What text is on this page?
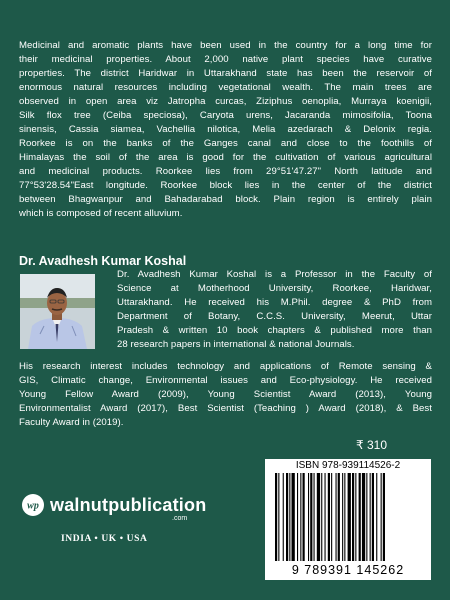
Medicinal and aromatic plants have been used in the country for a long time for
their medicinal properties. About 2,000 native plant species have curative
properties. The district Haridwar in Uttarakhand state has been the reservoir of
enormous natural resources including vegetational wealth. The main trees are
observed in open area viz Jatropha curcas, Ziziphus oenoplia, Murraya koenigii,
Silk flox tree (Ceiba speciosa), Caryota urens, Jacaranda mimosifolia, Toona
sinensis, Cassia siamea, Vachellia nilotica, Melia azedarach & Delonix regia.
Roorkee is on the banks of the Ganges canal and close to the foothills of
Himalayas the soil of the area is good for the cultivation of various agricultural
and medicinal products. Roorkee lies from 29°51'47.27" North latitude and
77°53'28.54"East longitude. Roorkee block lies in the center of the district
between Bhagwanpur and Bahadarabad block. Plain region is entirely plain
which is composed of recent alluvium.
Dr. Avadhesh Kumar Koshal
Dr. Avadhesh Kumar Koshal is a Professor in the Faculty of
Science at Motherhood University, Roorkee, Haridwar,
Uttarakhand. He received his M.Phil. degree & PhD from
Department of Botany, C.C.S. University, Meerut, Uttar
Pradesh & written 10 book chapters & published more than
28 research papers in international & national Journals.
His research interest includes technology and applications of Remote sensing &
GIS, Climatic change, Environmental issues and Eco-physiology. He received
Young Fellow Award (2009), Young Scientist Award (2013), Young
Environmentalist Award (2017), Best Scientist (Teaching ) Award (2018), & Best
Faculty Award in (2019).
₹ 310
wp walnutpublication
.com
INDIA • UK • USA
ISBN 978-939114526-2
9 789391 145262
